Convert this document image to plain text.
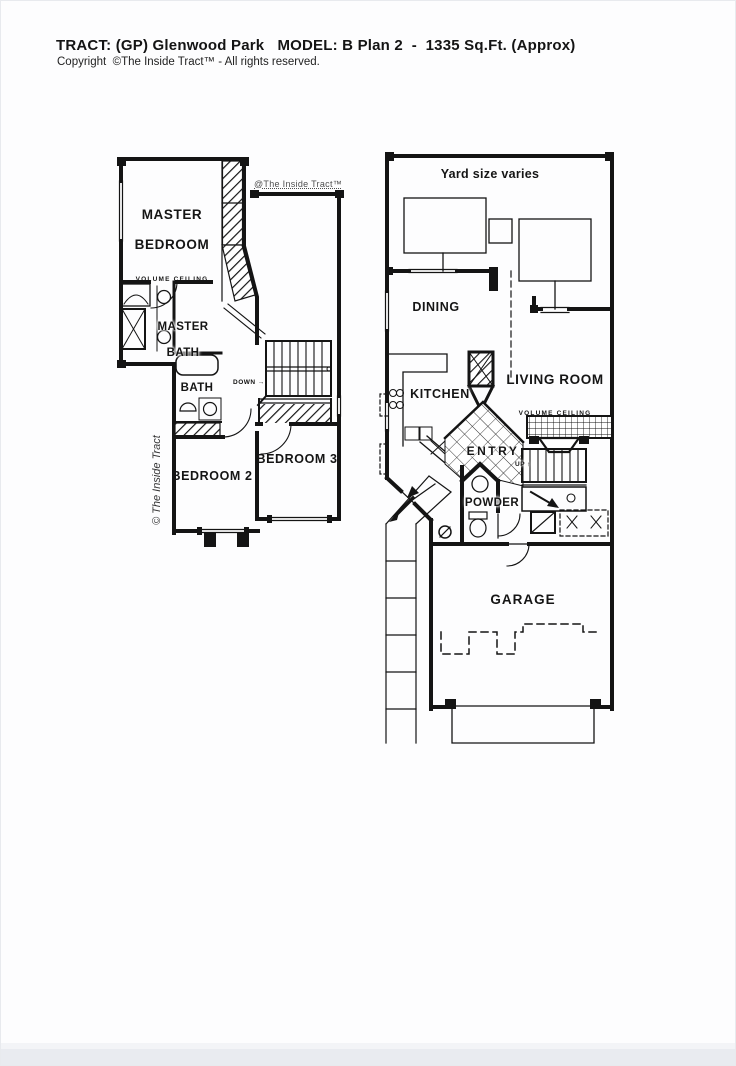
TRACT: (GP) Glenwood Park   MODEL: B Plan 2  -  1335 Sq.Ft. (Approx)
Copyright  ©The Inside Tract™ - All rights reserved.
@The Inside Tract™
© The Inside Tract

MASTER

BEDROOM

VOLUME CEILING

MASTER

BATH

BATH	DOWN →
BEDROOM 2
BEDROOM 3
Yard size varies
DINING
KITCHEN

LIVING ROOM

VOLUME CEILING

ENTRY
UP ↑
POWDER
GARAGE
